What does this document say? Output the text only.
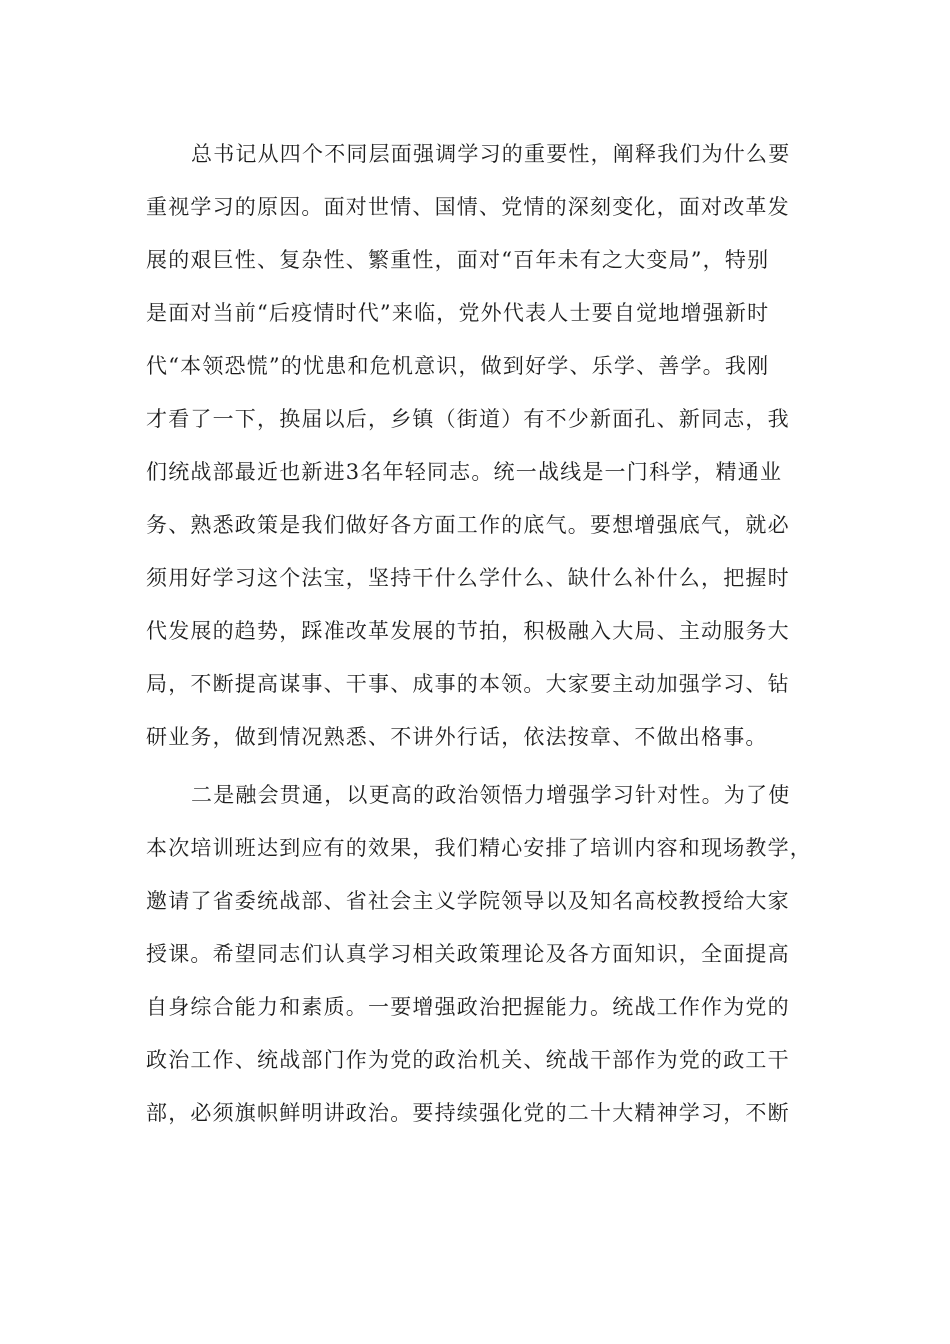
总书记从四个不同层面强调学习的重要性，阐释我们为什么要
重视学习的原因。面对世情、国情、党情的深刻变化，面对改革发
展的艰巨性、复杂性、繁重性，面对“百年未有之大变局”，特别
是面对当前“后疫情时代”来临，党外代表人士要自觉地增强新时
代“本领恐慌”的忧患和危机意识，做到好学、乐学、善学。我刚
才看了一下，换届以后，乡镇（街道）有不少新面孔、新同志，我
们统战部最近也新进3名年轻同志。统一战线是一门科学，精通业
务、熟悉政策是我们做好各方面工作的底气。要想增强底气，就必
须用好学习这个法宝，坚持干什么学什么、缺什么补什么，把握时
代发展的趋势，踩准改革发展的节拍，积极融入大局、主动服务大
局，不断提高谋事、干事、成事的本领。大家要主动加强学习、钻
研业务，做到情况熟悉、不讲外行话，依法按章、不做出格事。
二是融会贯通，以更高的政治领悟力增强学习针对性。为了使
本次培训班达到应有的效果，我们精心安排了培训内容和现场教学，
邀请了省委统战部、省社会主义学院领导以及知名高校教授给大家
授课。希望同志们认真学习相关政策理论及各方面知识，全面提高
自身综合能力和素质。一要增强政治把握能力。统战工作作为党的
政治工作、统战部门作为党的政治机关、统战干部作为党的政工干
部，必须旗帜鲜明讲政治。要持续强化党的二十大精神学习，不断
